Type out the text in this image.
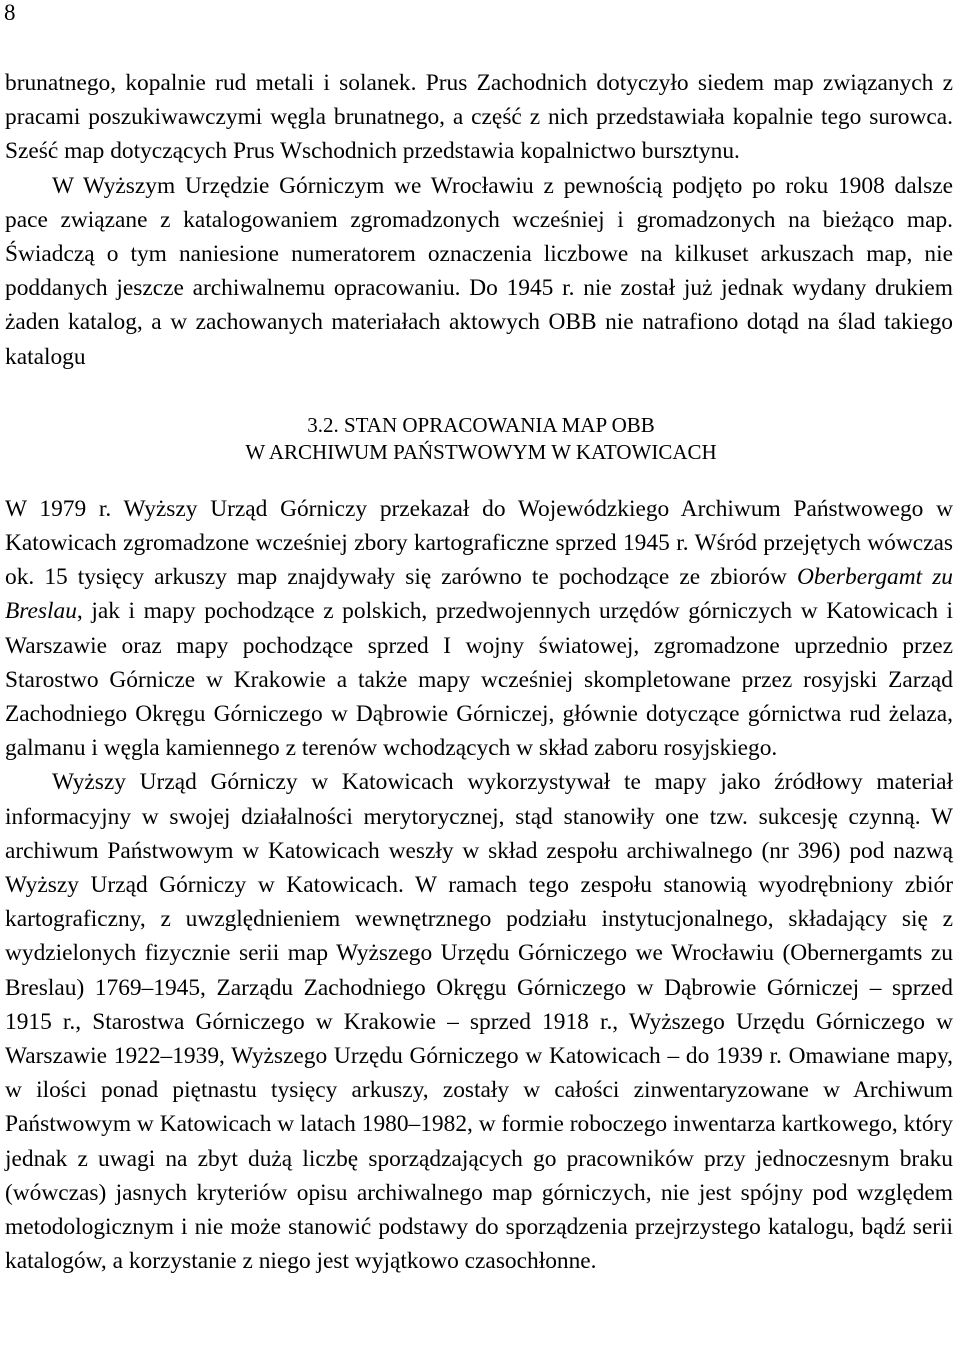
8

brunatnego, kopalnie rud metali i solanek. Prus Zachodnich dotyczyło siedem map związanych z pracami poszukiwawczymi węgla brunatnego, a część z nich przedstawiała kopalnie tego surowca. Sześć map dotyczących Prus Wschodnich przedstawia kopalnictwo bursztynu.

W Wyższym Urzędzie Górniczym we Wrocławiu z pewnością podjęto po roku 1908 dalsze pace związane z katalogowaniem zgromadzonych wcześniej i gromadzonych na bieżąco map. Świadczą o tym naniesione numeratorem oznaczenia liczbowe na kilkuset arkuszach map, nie poddanych jeszcze archiwalnemu opracowaniu. Do 1945 r. nie został już jednak wydany drukiem żaden katalog, a w zachowanych materiałach aktowych OBB nie natrafiono dotąd na ślad takiego katalogu

3.2. STAN OPRACOWANIA MAP OBB
W ARCHIWUM PAŃSTWOWYM W KATOWICACH

W 1979 r. Wyższy Urząd Górniczy przekazał do Wojewódzkiego Archiwum Państwowego w Katowicach zgromadzone wcześniej zbory kartograficzne sprzed 1945 r. Wśród przejętych wówczas ok. 15 tysięcy arkuszy map znajdywały się zarówno te pochodzące ze zbiorów Oberbergamt zu Breslau, jak i mapy pochodzące z polskich, przedwojennych urzędów górniczych w Katowicach i Warszawie oraz mapy pochodzące sprzed I wojny światowej, zgromadzone uprzednio przez Starostwo Górnicze w Krakowie a także mapy wcześniej skompletowane przez rosyjski Zarząd Zachodniego Okręgu Górniczego w Dąbrowie Górniczej, głównie dotyczące górnictwa rud żelaza, galmanu i węgla kamiennego z terenów wchodzących w skład zaboru rosyjskiego.

Wyższy Urząd Górniczy w Katowicach wykorzystywał te mapy jako źródłowy materiał informacyjny w swojej działalności merytorycznej, stąd stanowiły one tzw. sukcesję czynną. W archiwum Państwowym w Katowicach weszły w skład zespołu archiwalnego (nr 396) pod nazwą Wyższy Urząd Górniczy w Katowicach. W ramach tego zespołu stanowią wyodrębniony zbiór kartograficzny, z uwzględnieniem wewnętrznego podziału instytucjonalnego, składający się z wydzielonych fizycznie serii map Wyższego Urzędu Górniczego we Wrocławiu (Obernergamts zu Breslau) 1769–1945, Zarządu Zachodniego Okręgu Górniczego w Dąbrowie Górniczej – sprzed 1915 r., Starostwa Górniczego w Krakowie – sprzed 1918 r., Wyższego Urzędu Górniczego w Warszawie 1922–1939, Wyższego Urzędu Górniczego w Katowicach – do 1939 r. Omawiane mapy, w ilości ponad piętnastu tysięcy arkuszy, zostały w całości zinwentaryzowane w Archiwum Państwowym w Katowicach w latach 1980–1982, w formie roboczego inwentarza kartkowego, który jednak z uwagi na zbyt dużą liczbę sporządzających go pracowników przy jednoczesnym braku (wówczas) jasnych kryteriów opisu archiwalnego map górniczych, nie jest spójny pod względem metodologicznym i nie może stanowić podstawy do sporządzenia przejrzystego katalogu, bądź serii katalogów, a korzystanie z niego jest wyjątkowo czasochłonne.
